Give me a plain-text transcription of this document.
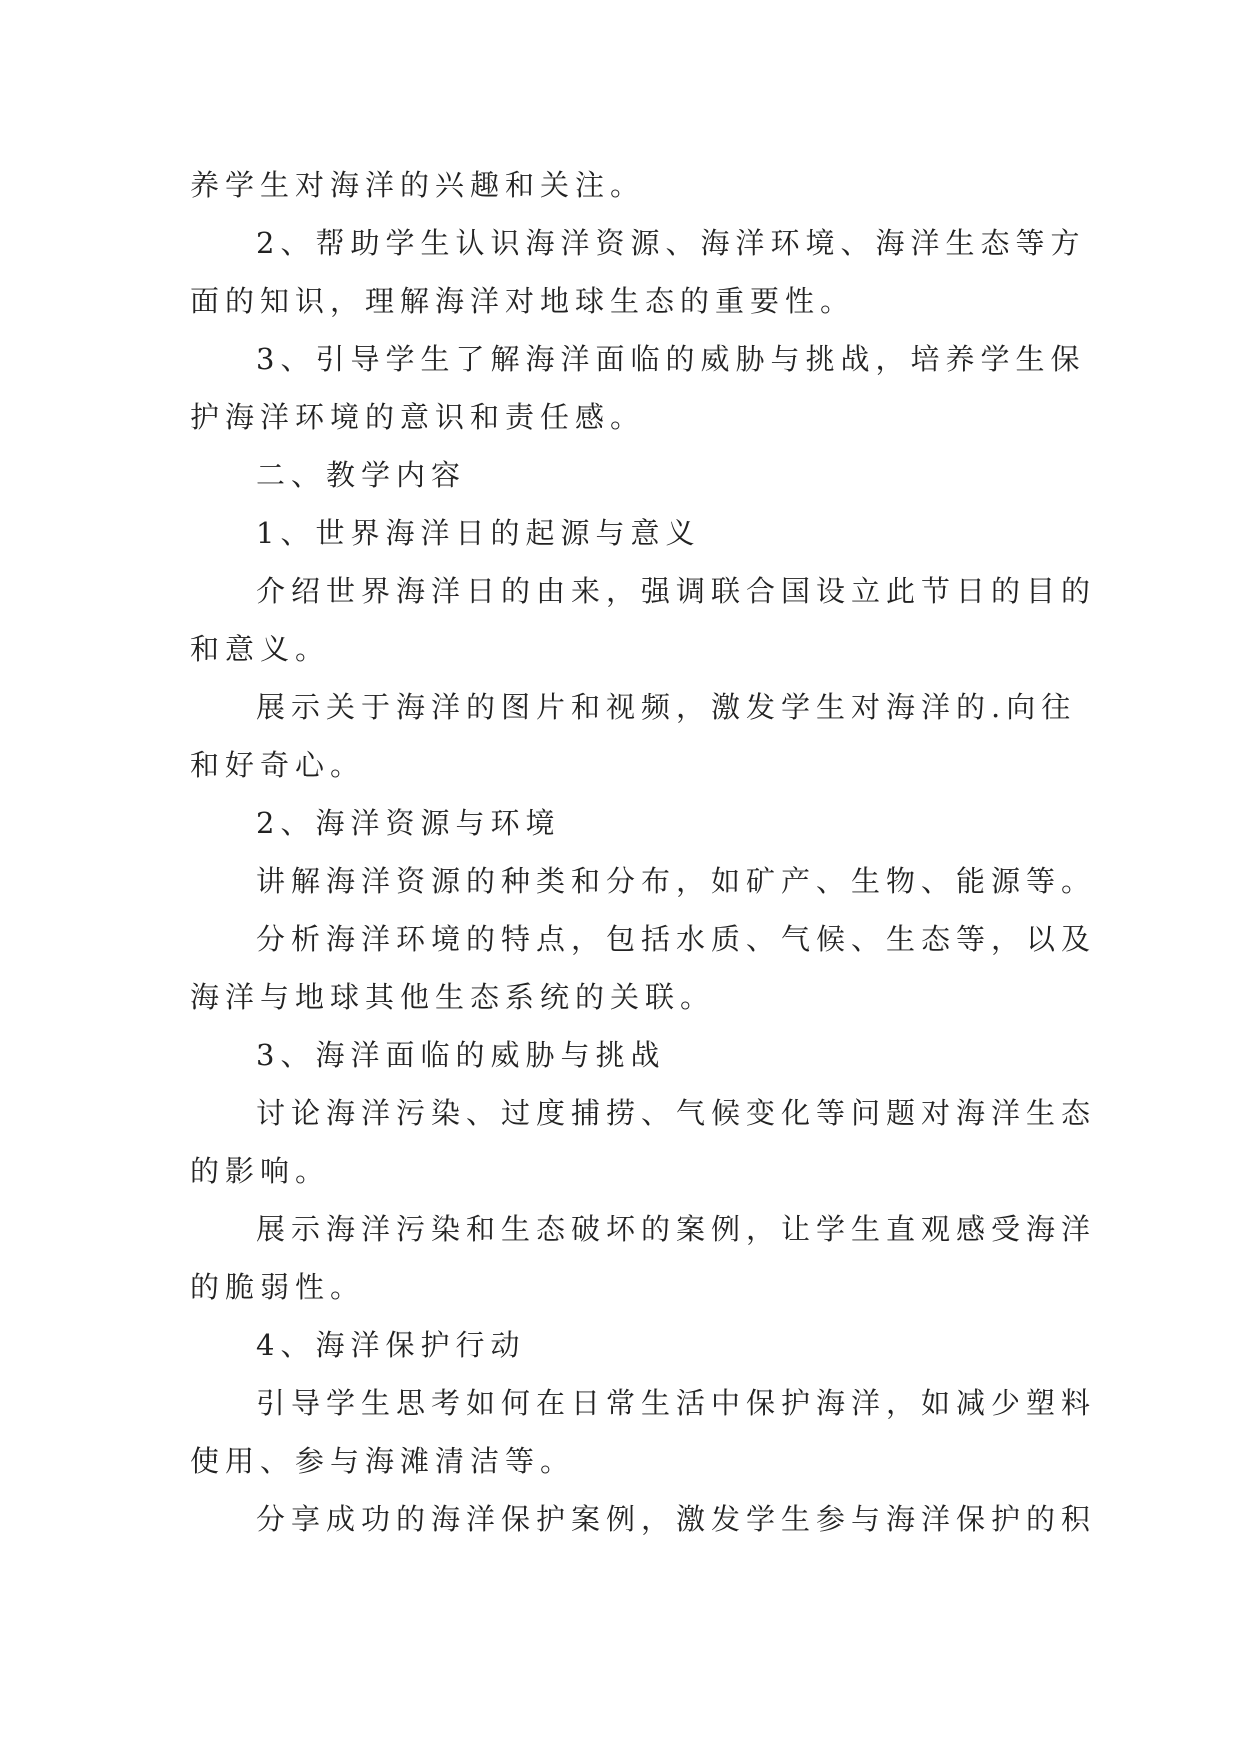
养学生对海洋的兴趣和关注。
2、帮助学生认识海洋资源、海洋环境、海洋生态等方
面的知识，理解海洋对地球生态的重要性。
3、引导学生了解海洋面临的威胁与挑战，培养学生保
护海洋环境的意识和责任感。
二、教学内容
1、世界海洋日的起源与意义
介绍世界海洋日的由来，强调联合国设立此节日的目的
和意义。
展示关于海洋的图片和视频，激发学生对海洋的.向往
和好奇心。
2、海洋资源与环境
讲解海洋资源的种类和分布，如矿产、生物、能源等。
分析海洋环境的特点，包括水质、气候、生态等，以及
海洋与地球其他生态系统的关联。
3、海洋面临的威胁与挑战
讨论海洋污染、过度捕捞、气候变化等问题对海洋生态
的影响。
展示海洋污染和生态破坏的案例，让学生直观感受海洋
的脆弱性。
4、海洋保护行动
引导学生思考如何在日常生活中保护海洋，如减少塑料
使用、参与海滩清洁等。
分享成功的海洋保护案例，激发学生参与海洋保护的积
